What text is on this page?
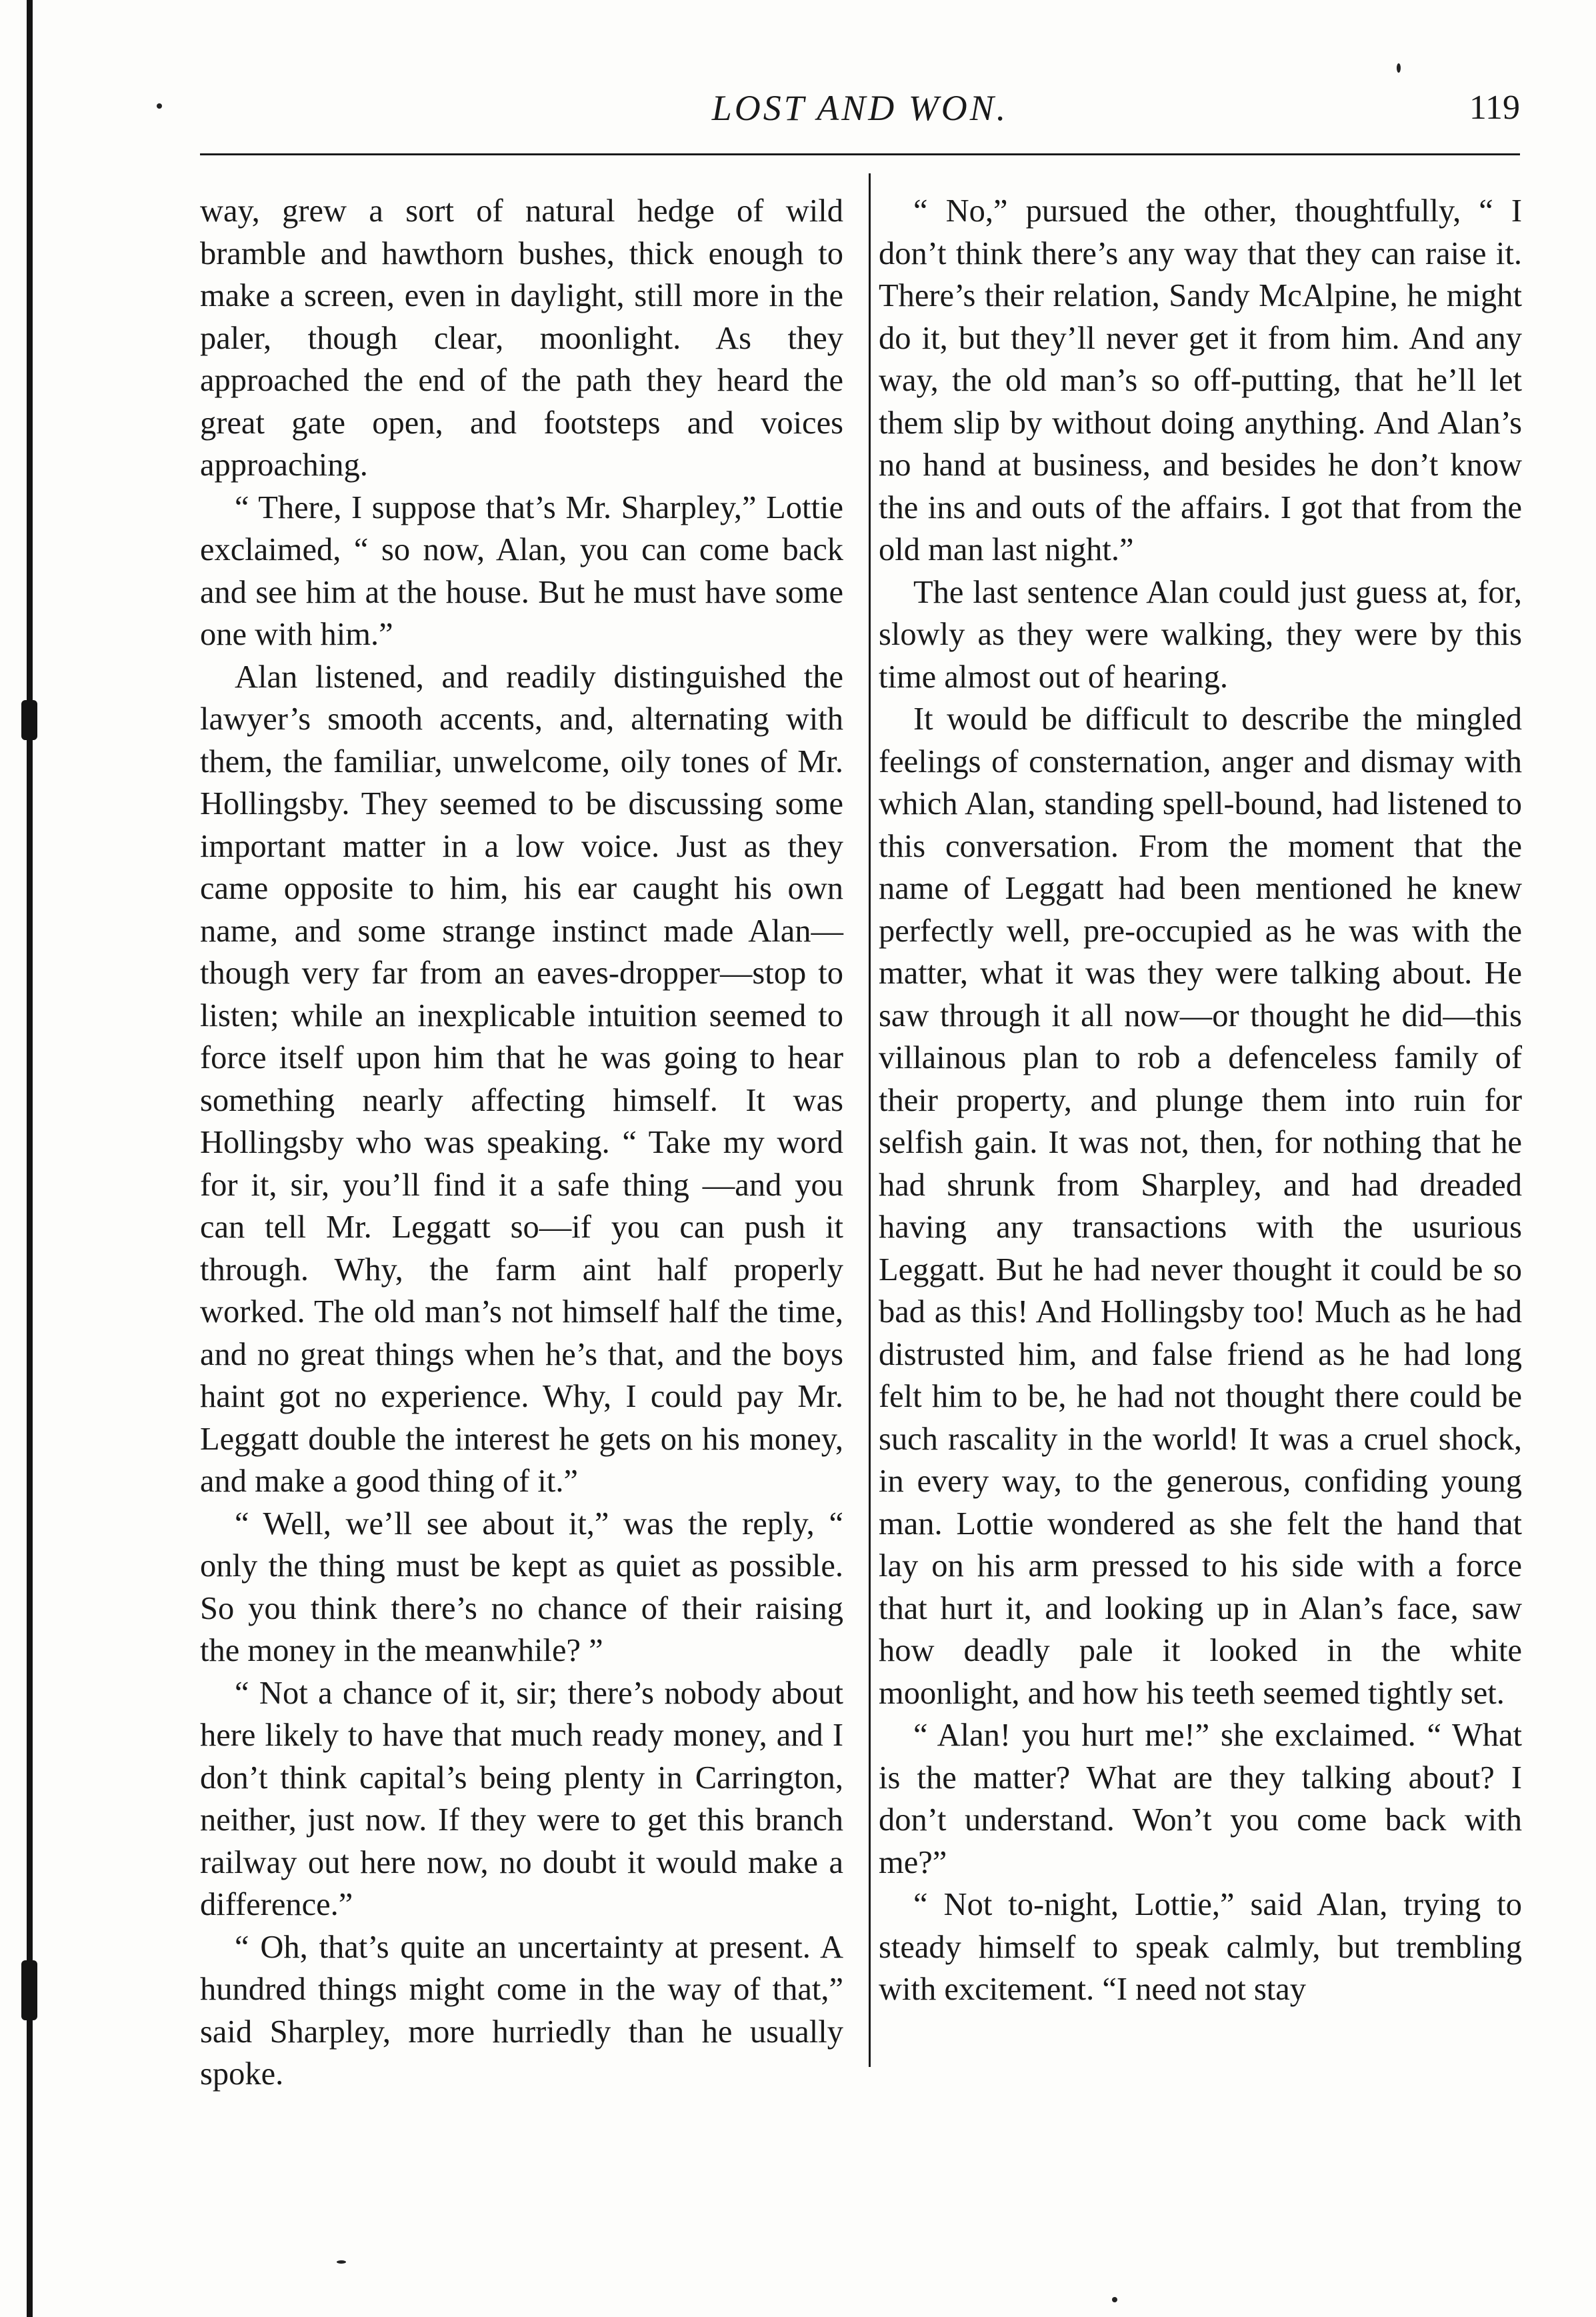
LOST AND WON.	119

way, grew a sort of natural hedge of wild bramble and hawthorn bushes, thick enough to make a screen, even in daylight, still more in the paler, though clear, moonlight. As they approached the end of the path they heard the great gate open, and footsteps and voices approaching.

“ There, I suppose that’s Mr. Sharpley,” Lottie exclaimed, “ so now, Alan, you can come back and see him at the house. But he must have some one with him.”

Alan listened, and readily distinguished the lawyer’s smooth accents, and, alternating with them, the familiar, unwelcome, oily tones of Mr. Hollingsby. They seemed to be discussing some important matter in a low voice. Just as they came opposite to him, his ear caught his own name, and some strange instinct made Alan—though very far from an eaves-dropper—stop to listen; while an inexplicable intuition seemed to force itself upon him that he was going to hear something nearly affecting himself. It was Hollingsby who was speaking. “ Take my word for it, sir, you’ll find it a safe thing —and you can tell Mr. Leggatt so—if you can push it through. Why, the farm aint half properly worked. The old man’s not himself half the time, and no great things when he’s that, and the boys haint got no experience. Why, I could pay Mr. Leggatt double the interest he gets on his money, and make a good thing of it.”

“ Well, we’ll see about it,” was the reply, “ only the thing must be kept as quiet as possible. So you think there’s no chance of their raising the money in the meanwhile? ”

“ Not a chance of it, sir; there’s nobody about here likely to have that much ready money, and I don’t think capital’s being plenty in Carrington, neither, just now. If they were to get this branch railway out here now, no doubt it would make a difference.”

“ Oh, that’s quite an uncertainty at present. A hundred things might come in the way of that,” said Sharpley, more hurriedly than he usually spoke.

“ No,” pursued the other, thoughtfully, “ I don’t think there’s any way that they can raise it. There’s their relation, Sandy McAlpine, he might do it, but they’ll never get it from him. And any way, the old man’s so off-putting, that he’ll let them slip by without doing anything. And Alan’s no hand at business, and besides he don’t know the ins and outs of the affairs. I got that from the old man last night.”

The last sentence Alan could just guess at, for, slowly as they were walking, they were by this time almost out of hearing.

It would be difficult to describe the mingled feelings of consternation, anger and dismay with which Alan, standing spell-bound, had listened to this conversation. From the moment that the name of Leggatt had been mentioned he knew perfectly well, pre-occupied as he was with the matter, what it was they were talking about. He saw through it all now—or thought he did—this villainous plan to rob a defenceless family of their property, and plunge them into ruin for selfish gain. It was not, then, for nothing that he had shrunk from Sharpley, and had dreaded having any transactions with the usurious Leggatt. But he had never thought it could be so bad as this! And Hollingsby too! Much as he had distrusted him, and false friend as he had long felt him to be, he had not thought there could be such rascality in the world! It was a cruel shock, in every way, to the generous, confiding young man. Lottie wondered as she felt the hand that lay on his arm pressed to his side with a force that hurt it, and looking up in Alan’s face, saw how deadly pale it looked in the white moonlight, and how his teeth seemed tightly set.

“ Alan! you hurt me!” she exclaimed. “ What is the matter? What are they talking about? I don’t understand. Won’t you come back with me?”

“ Not to-night, Lottie,” said Alan, trying to steady himself to speak calmly, but trembling with excitement. “I need not stay
